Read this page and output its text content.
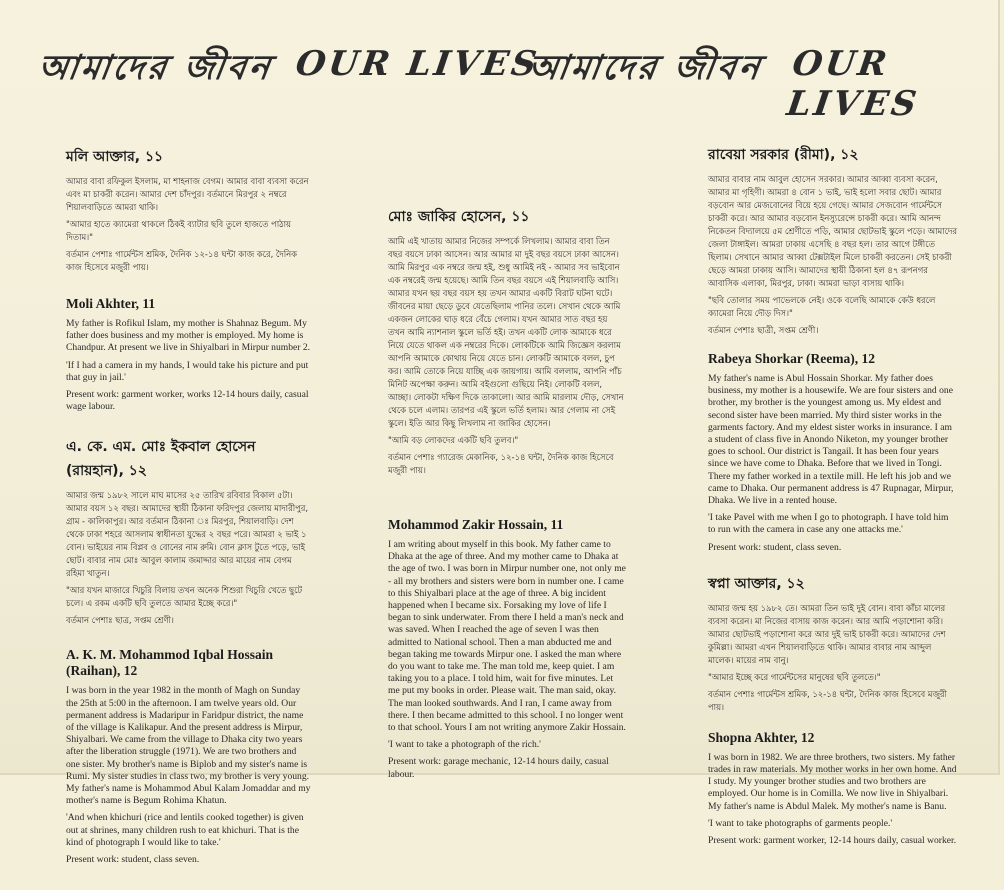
আমাদের জীবন OUR LIVES
আমাদের জীবন OUR LIVES
মলি আক্তার, ১১
আমার বাবা রফিকুল ইসলাম, মা শাহনাজ বেগম। আমার বাবা ব্যবসা করেন এবং মা চাকরী করেন। আমার দেশ চাঁদপুর। বর্তমানে মিরপুর ২ নম্বরে শিয়ালবাড়িতে আমরা থাকি।
"আমার হাতে ক্যামেরা থাকলে ঠিকই ব্যাটার ছবি তুলে হাজতে পাঠায় দিতাম।"
বর্তমান পেশাঃ গার্মেন্টস শ্রমিক, দৈনিক ১২-১৪ ঘন্টা কাজ করে, দৈনিক কাজ হিসেবে মজুরী পায়।
Moli Akhter, 11
My father is Rofikul Islam, my mother is Shahnaz Begum. My father does business and my mother is employed. My home is Chandpur. At present we live in Shiyalbari in Mirpur number 2.
'If I had a camera in my hands, I would take his picture and put that guy in jail.'
Present work: garment worker, works 12-14 hours daily, casual wage labour.
এ. কে. এম. মোঃ ইকবাল হোসেন (রায়হান), ১২
আমার জন্ম ১৯৮২ সালে মাঘ মাসের ২৫ তারিখ রবিবার বিকাল ৫টা। আমার বয়স ১২ বছর। আমাদের স্থায়ী ঠিকানা ফরিদপুর জেলায় মাদারীপুর, গ্রাম - কালিকাপুর। আর বর্তমান ঠিকানা ঃ মিরপুর, শিয়ালবাড়ি। দেশ থেকে ঢাকা শহরে আসলাম স্বাধীনতা যুদ্ধের ২ বছর পরে। আমরা ২ ভাই ১ বোন। ভাইয়ের নাম বিপ্লব ও বোনের নাম রুমি। বোন ক্লাস টুতে পড়ে, ভাই ছোট। বাবার নাম মোঃ আবুল কালাম জমাদ্দার আর মায়ের নাম বেগম রহিমা খাতুন।
"আর যখন মাজারে খিচুরি বিলায় তখন অনেক শিশুরা খিচুরি খেতে ছুটে চলে। এ রকম একটি ছবি তুলতে আমার ইচ্ছে করে।"
বর্তমান পেশাঃ ছাত্র, সপ্তম শ্রেণী।
A. K. M. Mohammod Iqbal Hossain (Raihan), 12
I was born in the year 1982 in the month of Magh on Sunday the 25th at 5:00 in the afternoon. I am twelve years old. Our permanent address is Madaripur in Faridpur district, the name of the village is Kalikapur. And the present address is Mirpur, Shiyalbari. We came from the village to Dhaka city two years after the liberation struggle (1971). We are two brothers and one sister. My brother's name is Biplob and my sister's name is Rumi. My sister studies in class two, my brother is very young. My father's name is Mohammod Abul Kalam Jomaddar and my mother's name is Begum Rohima Khatun.
'And when khichuri (rice and lentils cooked together) is given out at shrines, many children rush to eat khichuri. That is the kind of photograph I would like to take.'
Present work: student, class seven.
মোঃ জাকির হোসেন, ১১
আমি এই খাতায় আমার নিজের সম্পর্কে লিখলাম। আমার বাবা তিন বছর বয়সে ঢাকা আসেন। আর আমার মা দুই বছর বয়সে ঢাকা আসেন। আমি মিরপুর এক নম্বরে জন্ম হই, শুধু আমিই নই - আমার সব ভাইবোন এক নম্বরেই জন্ম হয়েছে। আমি তিন বছর বয়সে এই শিয়ালবাড়ি আসি। আমার যখন ছয় বছর বয়স হয় তখন আমার একটি বিরাট ঘটনা ঘটে। জীবনের মায়া ছেড়ে ডুবে যেতেছিলাম পানির তলে। সেখান থেকে আমি একজন লোকের ঘাড় ধরে বেঁচে গেলাম। যখন আমার সাত বছর হয় তখন আমি ন্যাশনাল স্কুলে ভর্তি হই। তখন একটি লোক আমাকে ধরে নিয়ে যেতে থাকল এক নম্বরের দিকে। লোকটিকে আমি জিজ্ঞেস করলাম আপনি আমাকে কোথায় নিয়ে যেতে চান। লোকটি আমাকে বলল, চুপ কর। আমি তোকে নিয়ে যাচ্ছি এক জায়গায়। আমি বললাম, আপনি পাঁচ মিনিট অপেক্ষা করুন। আমি বইগুলো গুছিয়ে নিই। লোকটি বলল, আচ্ছা। লোকটা দক্ষিণ দিকে তাকালো। আর আমি মারলাম দৌড়, সেখান থেকে চলে এলাম। তারপর এই স্কুলে ভর্তি হলাম। আর গেলাম না সেই স্কুলে। ইতি আর কিছু লিখলাম না জাকির হোসেন।
"আমি বড় লোকদের একটি ছবি তুলব।"
বর্তমান পেশাঃ গ্যারেজ মেকানিক, ১২-১৪ ঘন্টা, দৈনিক কাজ হিসেবে মজুরী পায়।
Mohammod Zakir Hossain, 11
I am writing about myself in this book. My father came to Dhaka at the age of three. And my mother came to Dhaka at the age of two. I was born in Mirpur number one, not only me - all my brothers and sisters were born in number one. I came to this Shiyalbari place at the age of three. A big incident happened when I became six. Forsaking my love of life I began to sink underwater. From there I held a man's neck and was saved. When I reached the age of seven I was then admitted to National school. Then a man abducted me and began taking me towards Mirpur one. I asked the man where do you want to take me. The man told me, keep quiet. I am taking you to a place. I told him, wait for five minutes. Let me put my books in order. Please wait. The man said, okay. The man looked southwards. And I ran, I came away from there. I then became admitted to this school. I no longer went to that school. Yours I am not writing anymore Zakir Hossain.
'I want to take a photograph of the rich.'
Present work: garage mechanic, 12-14 hours daily, casual labour.
রাবেয়া সরকার (রীমা), ১২
আমার বাবার নাম আবুল হোসেন সরকার। আমার আব্বা ব্যবসা করেন, আমার মা গৃহিণী। আমরা ৪ বোন ১ ভাই, ভাই হলো সবার ছোট। আমার বড়বোন আর মেজবোনের বিয়ে হয়ে গেছে। আমার সেজবোন গার্মেন্টসে চাকরী করে। আর আমার বড়বোন ইনস্যুরেন্সে চাকরী করে। আমি আনন্দ নিকেতন বিদ্যালয়ে ৫ম শ্রেণীতে পড়ি, আমার ছোটভাই স্কুলে পড়ে। আমাদের জেলা টাঙ্গাইল। আমরা ঢাকায় এসেছি ৪ বছর হল। তার আগে টঙ্গীতে ছিলাম। সেখানে আমার আব্বা টেক্সটাইল মিলে চাকরী করতেন। সেই চাকরী ছেড়ে আমরা ঢাকায় আসি। আমাদের স্থায়ী ঠিকানা হল ৪৭ রূপনগর আবাসিক এলাকা, মিরপুর, ঢাকা। আমরা ভাড়া বাসায় থাকি।
"ছবি তোলার সময় পাভেলকে নেই। ওকে বলেছি আমাকে কেউ ধরলে ক্যামেরা নিয়ে দৌড় দিস।"
বর্তমান পেশাঃ ছাত্রী, সপ্তম শ্রেণী।
Rabeya Shorkar (Reema), 12
My father's name is Abul Hossain Shorkar. My father does business, my mother is a housewife. We are four sisters and one brother, my brother is the youngest among us. My eldest and second sister have been married. My third sister works in the garments factory. And my eldest sister works in insurance. I am a student of class five in Anondo Niketon, my younger brother goes to school. Our district is Tangail. It has been four years since we have come to Dhaka. Before that we lived in Tongi. There my father worked in a textile mill. He left his job and we came to Dhaka. Our permanent address is 47 Rupnagar, Mirpur, Dhaka. We live in a rented house.
'I take Pavel with me when I go to photograph. I have told him to run with the camera in case any one attacks me.'
Present work: student, class seven.
স্বপ্না আক্তার, ১২
আমার জন্ম হয় ১৯৮২ তে। আমরা তিন ভাই দুই বোন। বাবা কাঁচা মালের ব্যবসা করেন। মা নিজের বাসায় কাজ করেন। আর আমি পড়াশোনা করি। আমার ছোটভাই পড়াশোনা করে আর দুই ভাই চাকরী করে। আমাদের দেশ কুমিল্লা। আমরা এখন শিয়ালবাড়িতে থাকি। আমার বাবার নাম আব্দুল মালেক। মায়ের নাম বানু।
"আমার ইচ্ছে করে গার্মেন্টসের মানুষের ছবি তুলতে।"
বর্তমান পেশাঃ গার্মেন্টস শ্রমিক, ১২-১৪ ঘন্টা, দৈনিক কাজ হিসেবে মজুরী পায়।
Shopna Akhter, 12
I was born in 1982. We are three brothers, two sisters. My father trades in raw materials. My mother works in her own home. And I study. My younger brother studies and two brothers are employed. Our home is in Comilla. We now live in Shiyalbari. My father's name is Abdul Malek. My mother's name is Banu.
'I want to take photographs of garments people.'
Present work: garment worker, 12-14 hours daily, casual worker.
